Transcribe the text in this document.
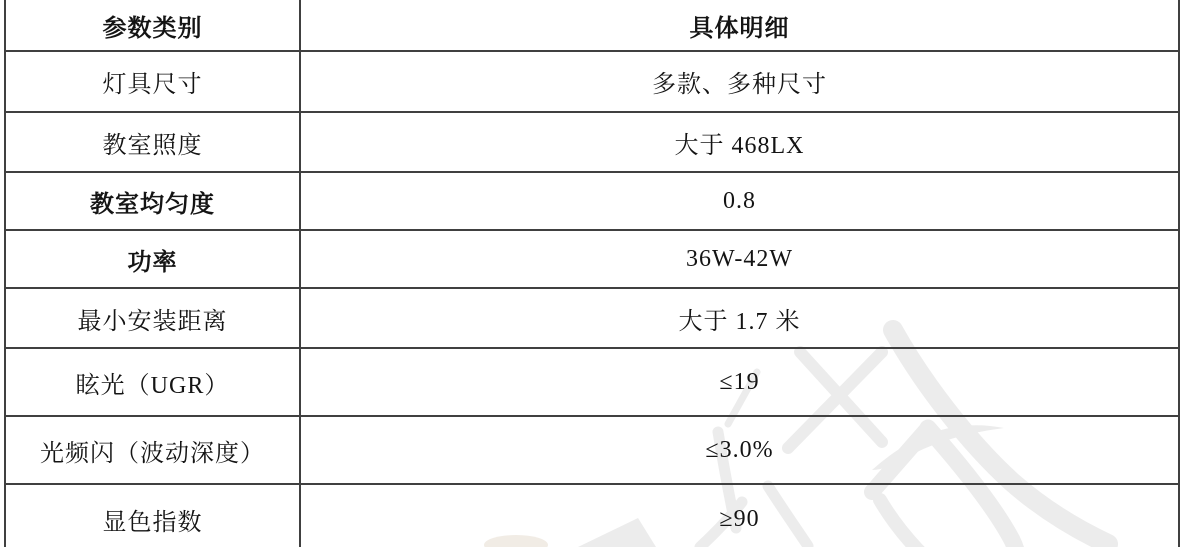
参数类别	具体明细
灯具尺寸	多款、多种尺寸
教室照度	大于 468LX
教室均匀度	0.8
功率	36W-42W
最小安装距离	大于 1.7 米
眩光（UGR）	≤19
光频闪（波动深度）	≤3.0%
显色指数	≥90
